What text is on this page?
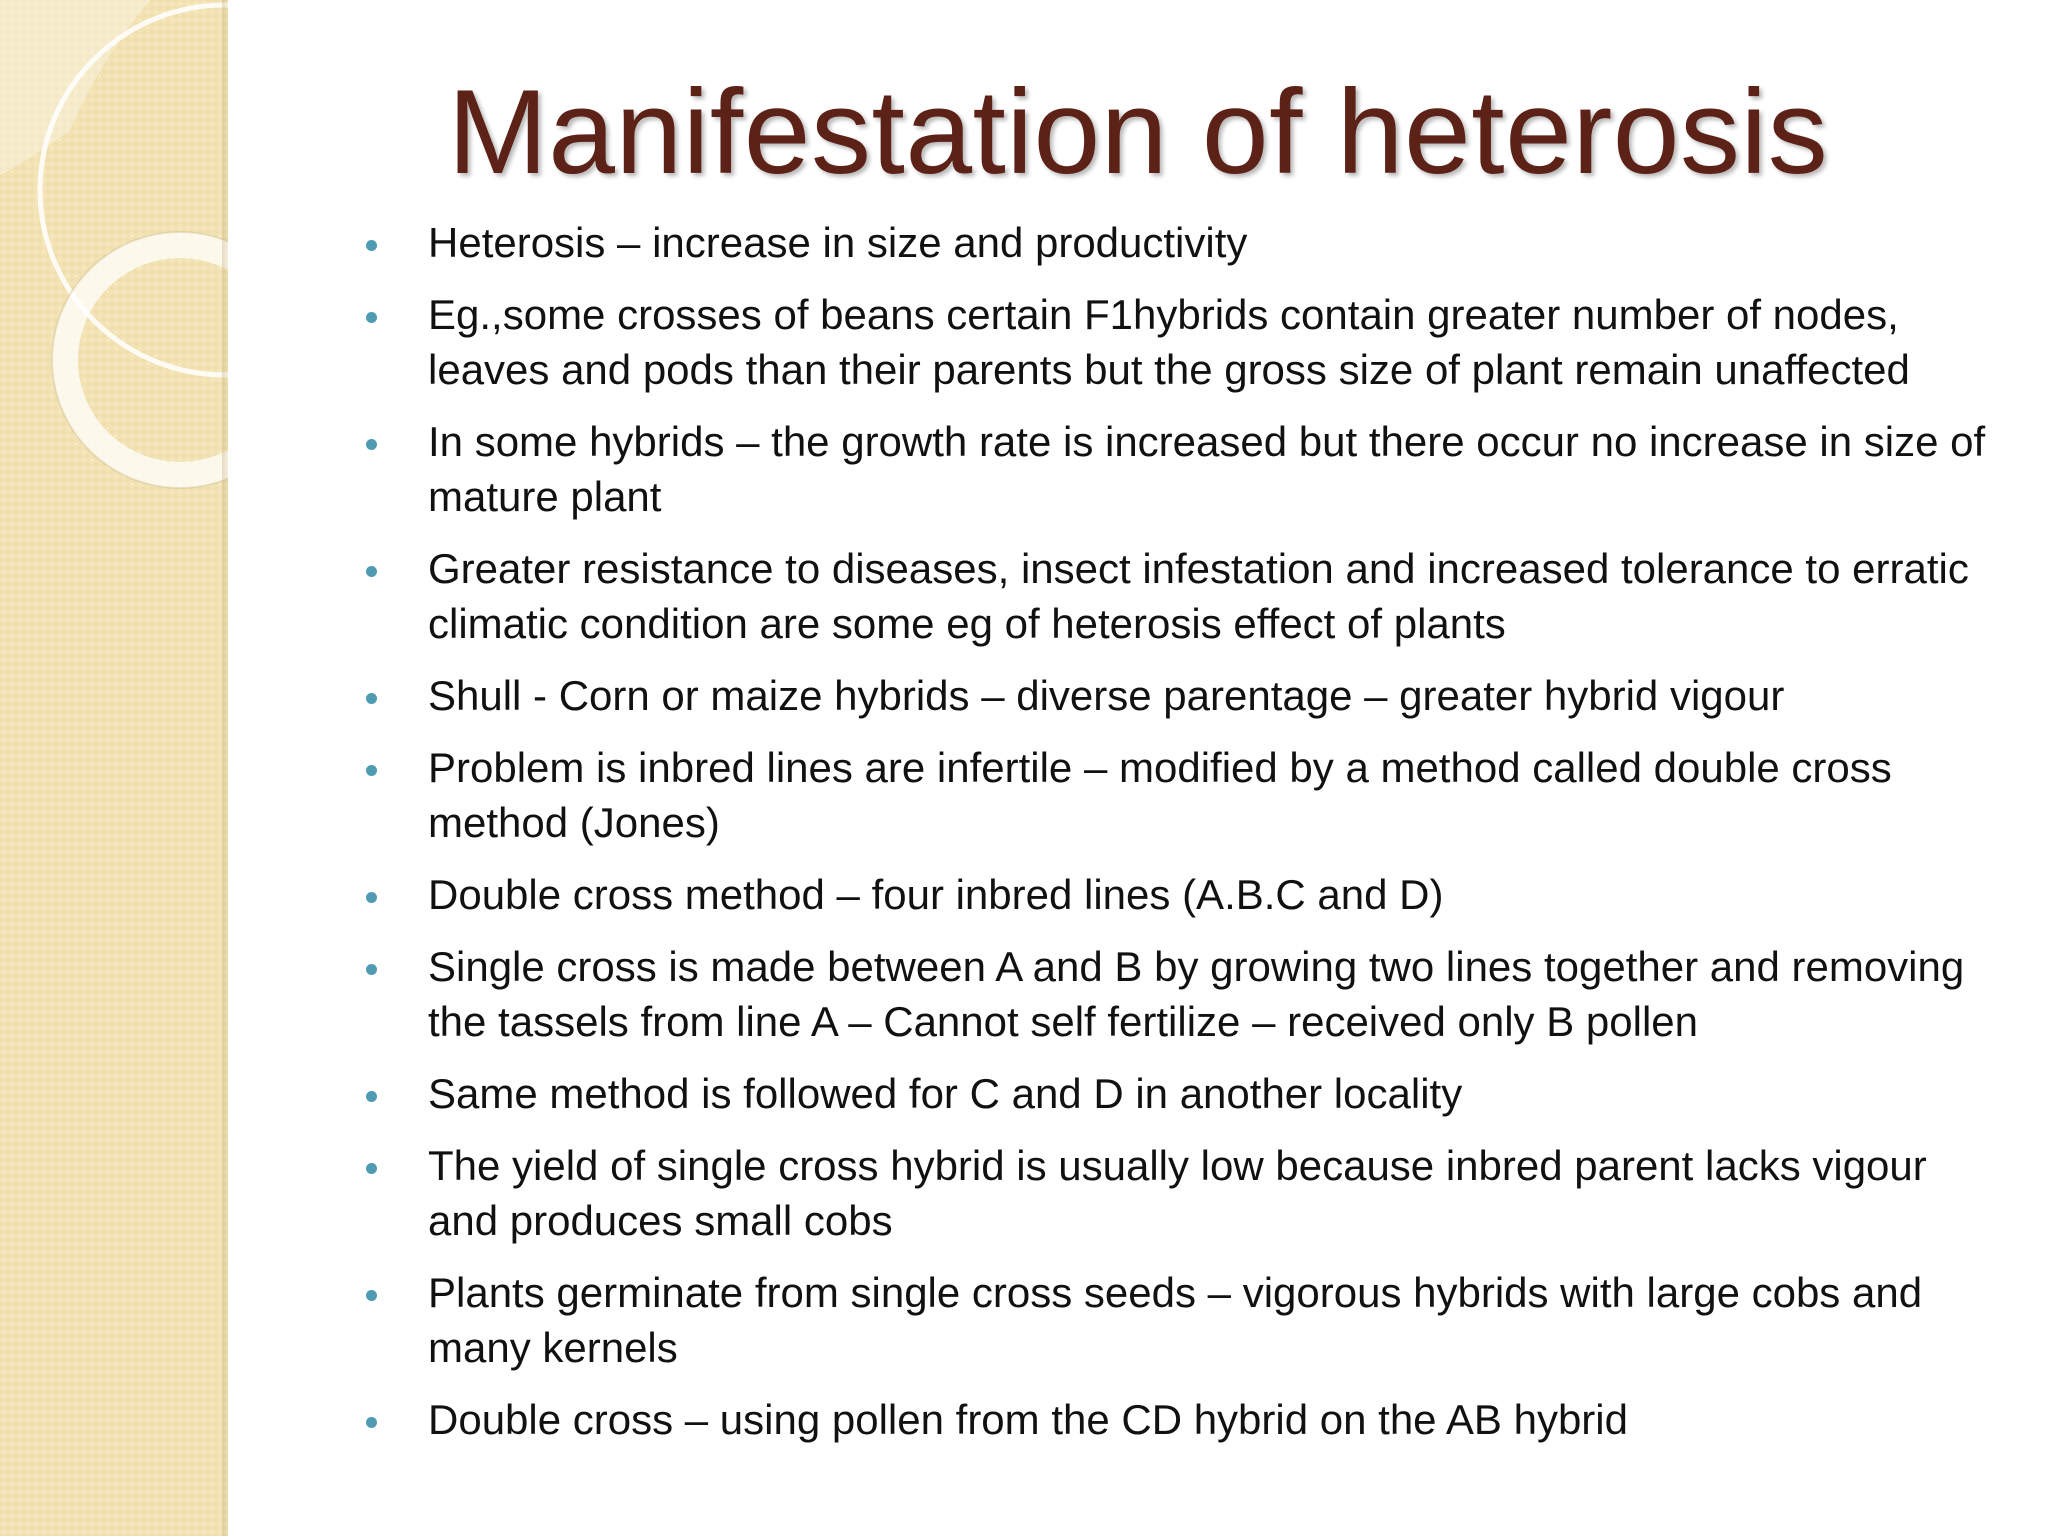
Manifestation of heterosis
Heterosis – increase in size and productivity
Eg.,some crosses of beans certain F1hybrids contain greater number of nodes, leaves and pods than their parents but the gross size of plant remain unaffected
In some hybrids – the growth rate is increased but there occur no increase in size of mature plant
Greater resistance to diseases, insect infestation and increased tolerance to erratic climatic condition are some eg of heterosis effect of plants
Shull - Corn or maize hybrids – diverse parentage – greater hybrid vigour
Problem is inbred lines are infertile – modified by a method called double cross method (Jones)
Double cross method – four inbred lines (A.B.C and D)
Single cross is made between A and B by growing two lines together and removing the tassels from line A – Cannot self fertilize – received only B pollen
Same method is followed for C and D in another locality
The yield of single cross hybrid is usually low because inbred parent lacks vigour and produces small cobs
Plants germinate from single cross seeds – vigorous hybrids with large cobs and many kernels
Double cross – using pollen from the CD hybrid on the AB hybrid
